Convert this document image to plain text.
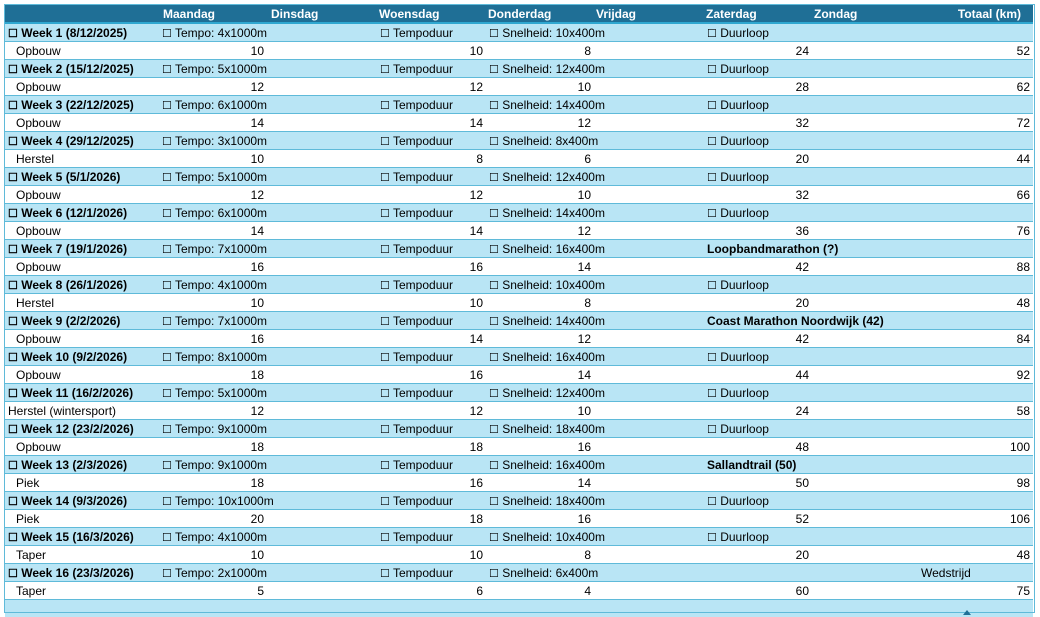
	Maandag	Dinsdag	Woensdag	Donderdag	Vrijdag	Zaterdag	Zondag	Totaal (km)
☐ Week 1 (8/12/2025)	☐ Tempo: 4x1000m		☐ Tempoduur	☐ Snelheid: 10x400m		☐ Duurloop		
Opbouw	10		10	8		24		52
☐ Week 2 (15/12/2025)	☐ Tempo: 5x1000m		☐ Tempoduur	☐ Snelheid: 12x400m		☐ Duurloop		
Opbouw	12		12	10		28		62
☐ Week 3 (22/12/2025)	☐ Tempo: 6x1000m		☐ Tempoduur	☐ Snelheid: 14x400m		☐ Duurloop		
Opbouw	14		14	12		32		72
☐ Week 4 (29/12/2025)	☐ Tempo: 3x1000m		☐ Tempoduur	☐ Snelheid: 8x400m		☐ Duurloop		
Herstel	10		8	6		20		44
☐ Week 5 (5/1/2026)	☐ Tempo: 5x1000m		☐ Tempoduur	☐ Snelheid: 12x400m		☐ Duurloop		
Opbouw	12		12	10		32		66
☐ Week 6 (12/1/2026)	☐ Tempo: 6x1000m		☐ Tempoduur	☐ Snelheid: 14x400m		☐ Duurloop		
Opbouw	14		14	12		36		76
☐ Week 7 (19/1/2026)	☐ Tempo: 7x1000m		☐ Tempoduur	☐ Snelheid: 16x400m		Loopbandmarathon (?)		
Opbouw	16		16	14		42		88
☐ Week 8 (26/1/2026)	☐ Tempo: 4x1000m		☐ Tempoduur	☐ Snelheid: 10x400m		☐ Duurloop		
Herstel	10		10	8		20		48
☐ Week 9 (2/2/2026)	☐ Tempo: 7x1000m		☐ Tempoduur	☐ Snelheid: 14x400m		Coast Marathon Noordwijk (42)		
Opbouw	16		14	12		42		84
☐ Week 10 (9/2/2026)	☐ Tempo: 8x1000m		☐ Tempoduur	☐ Snelheid: 16x400m		☐ Duurloop		
Opbouw	18		16	14		44		92
☐ Week 11 (16/2/2026)	☐ Tempo: 5x1000m		☐ Tempoduur	☐ Snelheid: 12x400m		☐ Duurloop		
Herstel (wintersport)	12		12	10		24		58
☐ Week 12 (23/2/2026)	☐ Tempo: 9x1000m		☐ Tempoduur	☐ Snelheid: 18x400m		☐ Duurloop		
Opbouw	18		18	16		48		100
☐ Week 13 (2/3/2026)	☐ Tempo: 9x1000m		☐ Tempoduur	☐ Snelheid: 16x400m		Sallandtrail (50)		
Piek	18		16	14		50		98
☐ Week 14 (9/3/2026)	☐ Tempo: 10x1000m		☐ Tempoduur	☐ Snelheid: 18x400m		☐ Duurloop		
Piek	20		18	16		52		106
☐ Week 15 (16/3/2026)	☐ Tempo: 4x1000m		☐ Tempoduur	☐ Snelheid: 10x400m		☐ Duurloop		
Taper	10		10	8		20		48
☐ Week 16 (23/3/2026)	☐ Tempo: 2x1000m		☐ Tempoduur	☐ Snelheid: 6x400m				Wedstrijd
Taper	5		6	4		60		75
